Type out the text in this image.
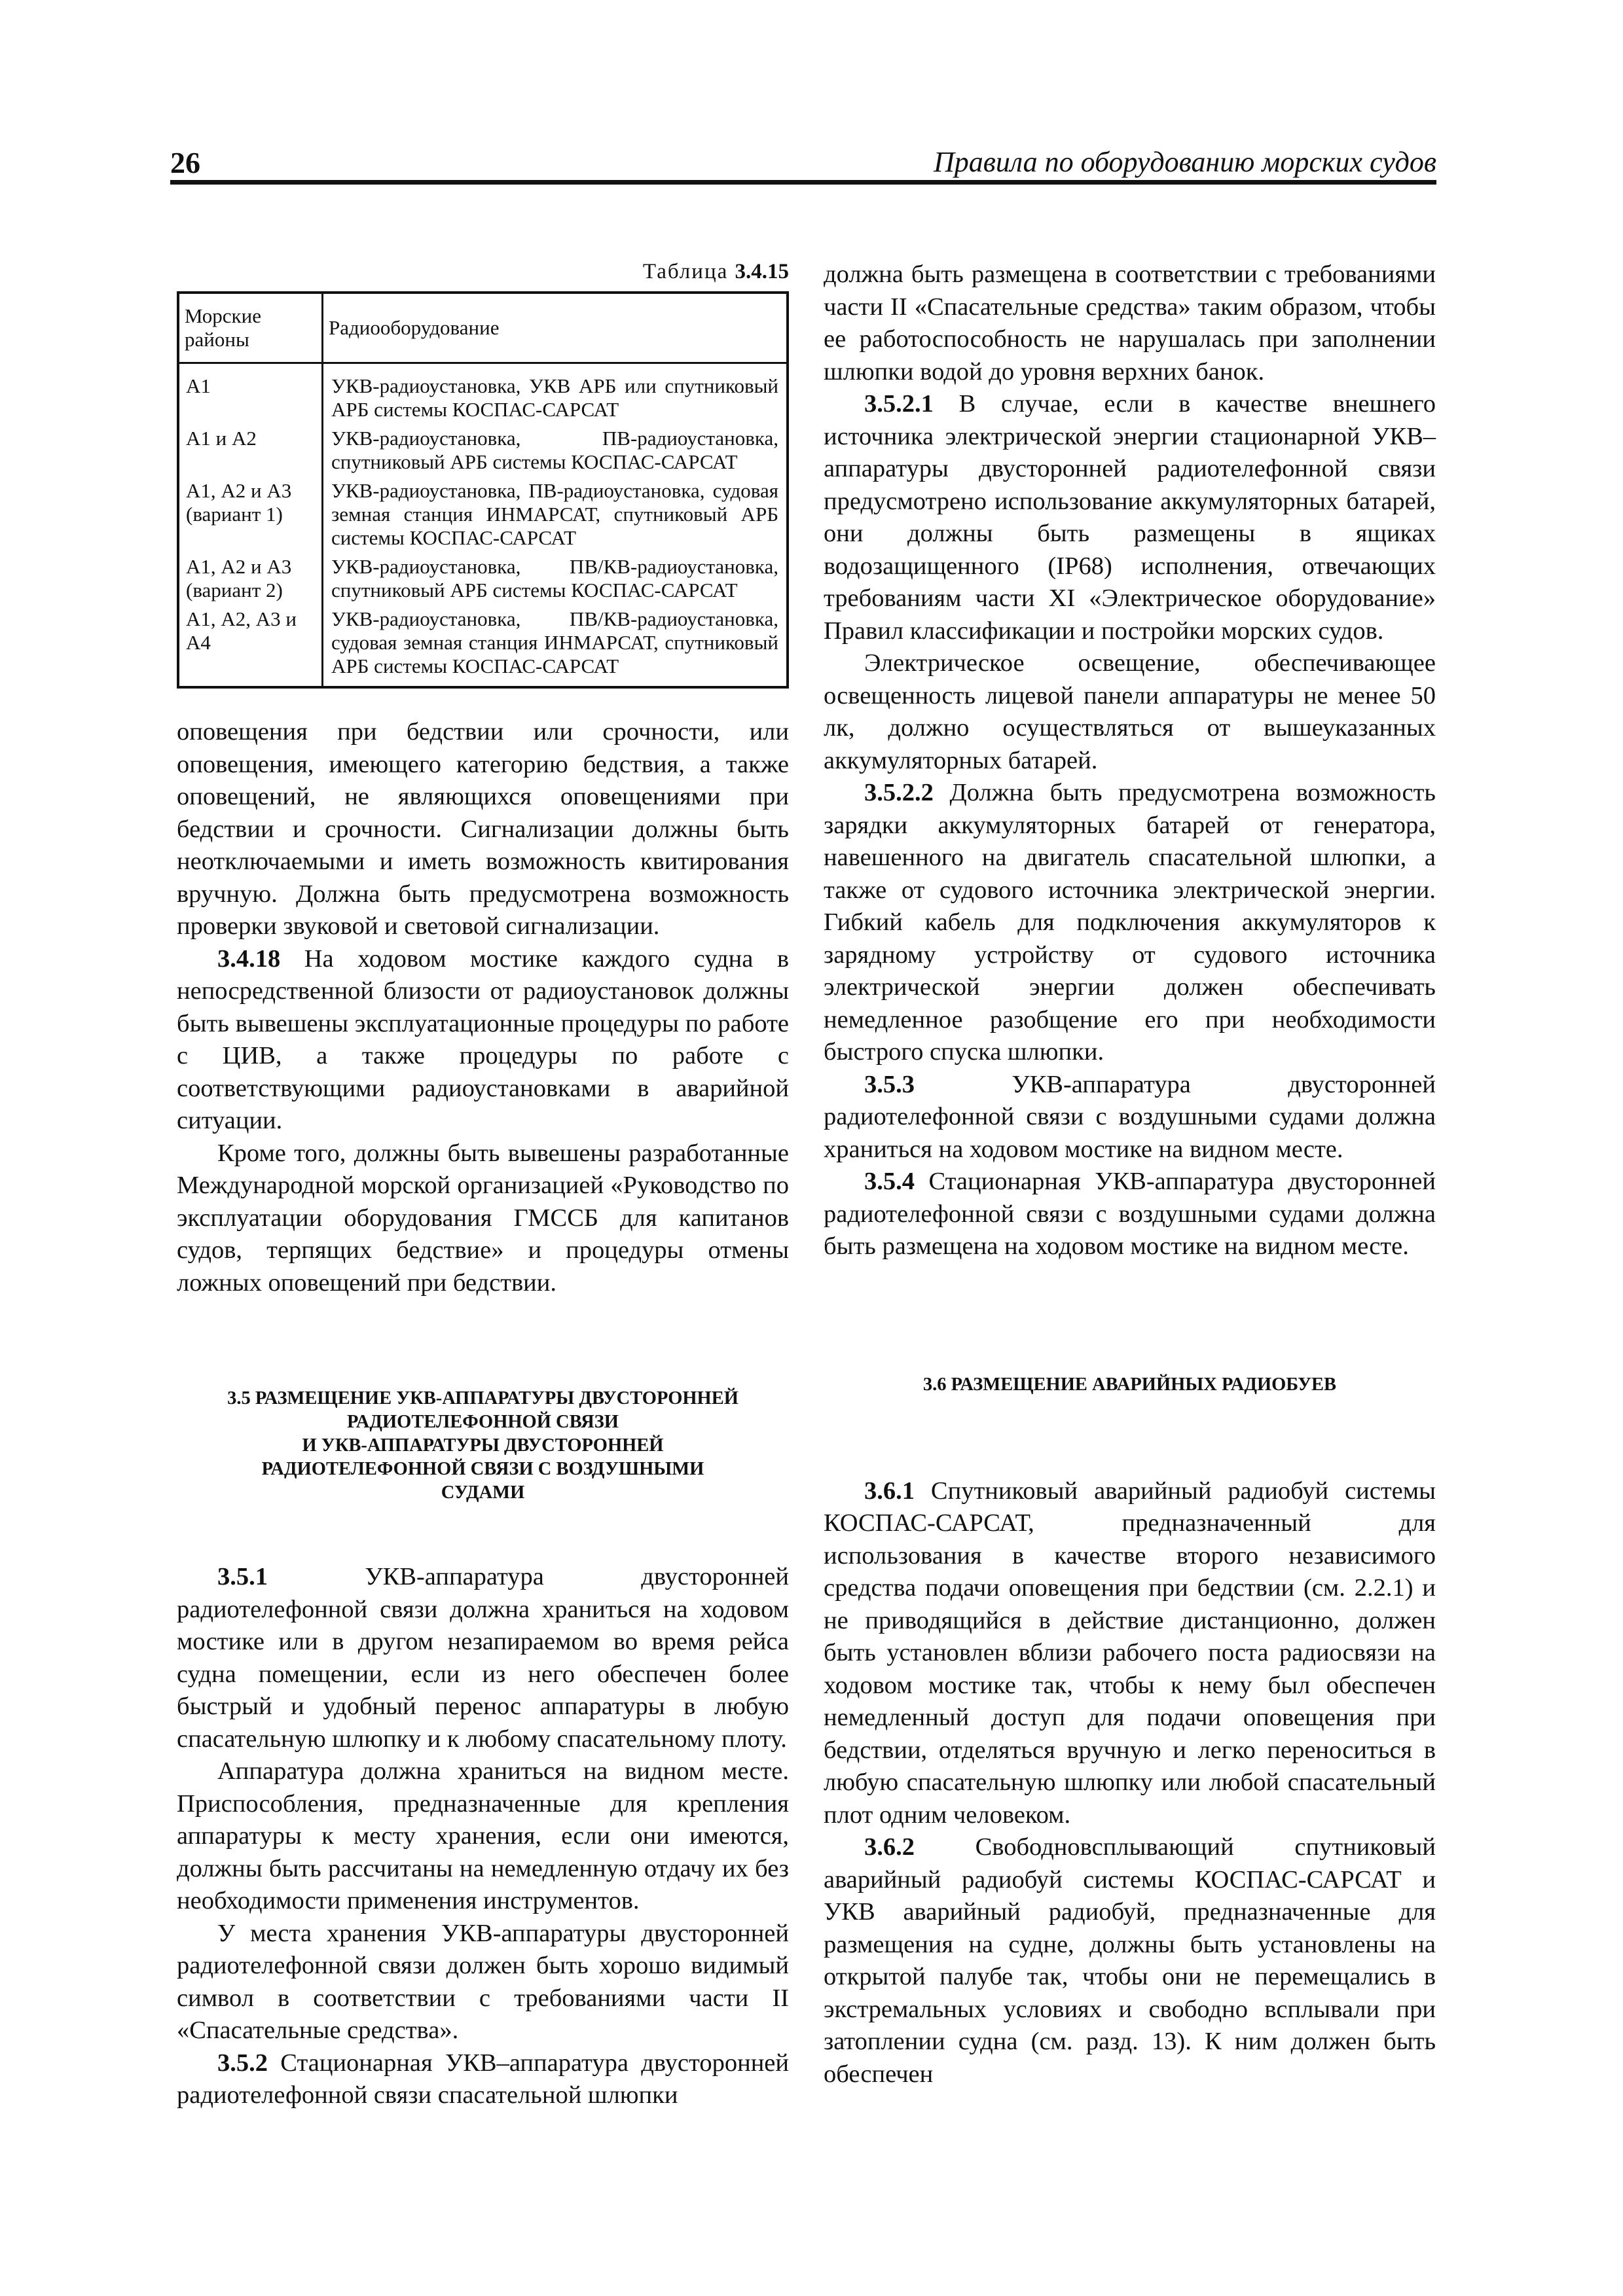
26	Правила по оборудованию морских судов
Таблица 3.4.15
Морские районы	Радиооборудование
А1	УКВ-радиоустановка, УКВ АРБ или спутниковый АРБ системы КОСПАС-САРСАТ
А1 и А2	УКВ-радиоустановка, ПВ-радиоустановка, спутниковый АРБ системы КОСПАС-САРСАТ
А1, А2 и А3 (вариант 1)	УКВ-радиоустановка, ПВ-радиоустановка, судовая земная станция ИНМАРСАТ, спутниковый АРБ системы КОСПАС-САРСАТ
А1, А2 и А3 (вариант 2)	УКВ-радиоустановка, ПВ/КВ-радиоустановка, спутниковый АРБ системы КОСПАС-САРСАТ
А1, А2, А3 и А4	УКВ-радиоустановка, ПВ/КВ-радиоустановка, судовая земная станция ИНМАРСАТ, спутниковый АРБ системы КОСПАС-САРСАТ

оповещения при бедствии или срочности, или оповещения, имеющего категорию бедствия, а также оповещений, не являющихся оповещениями при бедствии и срочности. Сигнализации должны быть неотключаемыми и иметь возможность квитирования вручную. Должна быть предусмотрена возможность проверки звуковой и световой сигнализации.

3.4.18 На ходовом мостике каждого судна в непосредственной близости от радиоустановок должны быть вывешены эксплуатационные процедуры по работе с ЦИВ, а также процедуры по работе с соответствующими радиоустановками в аварийной ситуации.

Кроме того, должны быть вывешены разработанные Международной морской организацией «Руководство по эксплуатации оборудования ГМССБ для капитанов судов, терпящих бедствие» и процедуры отмены ложных оповещений при бедствии.

3.5 РАЗМЕЩЕНИЕ УКВ-АППАРАТУРЫ ДВУСТОРОННЕЙ
РАДИОТЕЛЕФОННОЙ СВЯЗИ
И УКВ-АППАРАТУРЫ ДВУСТОРОННЕЙ
РАДИОТЕЛЕФОННОЙ СВЯЗИ С ВОЗДУШНЫМИ
СУДАМИ

3.5.1 УКВ-аппаратура двусторонней радиотелефонной связи должна храниться на ходовом мостике или в другом незапираемом во время рейса судна помещении, если из него обеспечен более быстрый и удобный перенос аппаратуры в любую спасательную шлюпку и к любому спасательному плоту.

Аппаратура должна храниться на видном месте. Приспособления, предназначенные для крепления аппаратуры к месту хранения, если они имеются, должны быть рассчитаны на немедленную отдачу их без необходимости применения инструментов.

У места хранения УКВ-аппаратуры двусторонней радиотелефонной связи должен быть хорошо видимый символ в соответствии с требованиями части II «Спасательные средства».

3.5.2 Стационарная УКВ–аппаратура двусторонней радиотелефонной связи спасательной шлюпки

должна быть размещена в соответствии с требованиями части II «Спасательные средства» таким образом, чтобы ее работоспособность не нарушалась при заполнении шлюпки водой до уровня верхних банок.

3.5.2.1 В случае, если в качестве внешнего источника электрической энергии стационарной УКВ–аппаратуры двусторонней радиотелефонной связи предусмотрено использование аккумуляторных батарей, они должны быть размещены в ящиках водозащищенного (IP68) исполнения, отвечающих требованиям части XI «Электрическое оборудование» Правил классификации и постройки морских судов.

Электрическое освещение, обеспечивающее освещенность лицевой панели аппаратуры не менее 50 лк, должно осуществляться от вышеуказанных аккумуляторных батарей.

3.5.2.2 Должна быть предусмотрена возможность зарядки аккумуляторных батарей от генератора, навешенного на двигатель спасательной шлюпки, а также от судового источника электрической энергии. Гибкий кабель для подключения аккумуляторов к зарядному устройству от судового источника электрической энергии должен обеспечивать немедленное разобщение его при необходимости быстрого спуска шлюпки.

3.5.3 УКВ-аппаратура двусторонней радиотелефонной связи с воздушными судами должна храниться на ходовом мостике на видном месте.

3.5.4 Стационарная УКВ-аппаратура двусторонней радиотелефонной связи с воздушными судами должна быть размещена на ходовом мостике на видном месте.

3.6 РАЗМЕЩЕНИЕ АВАРИЙНЫХ РАДИОБУЕВ

3.6.1 Спутниковый аварийный радиобуй системы КОСПАС-САРСАТ, предназначенный для использования в качестве второго независимого средства подачи оповещения при бедствии (см. 2.2.1) и не приводящийся в действие дистанционно, должен быть установлен вблизи рабочего поста радиосвязи на ходовом мостике так, чтобы к нему был обеспечен немедленный доступ для подачи оповещения при бедствии, отделяться вручную и легко переноситься в любую спасательную шлюпку или любой спасательный плот одним человеком.

3.6.2 Свободновсплывающий спутниковый аварийный радиобуй системы КОСПАС-САРСАТ и УКВ аварийный радиобуй, предназначенные для размещения на судне, должны быть установлены на открытой палубе так, чтобы они не перемещались в экстремальных условиях и свободно всплывали при затоплении судна (см. разд. 13). К ним должен быть обеспечен
